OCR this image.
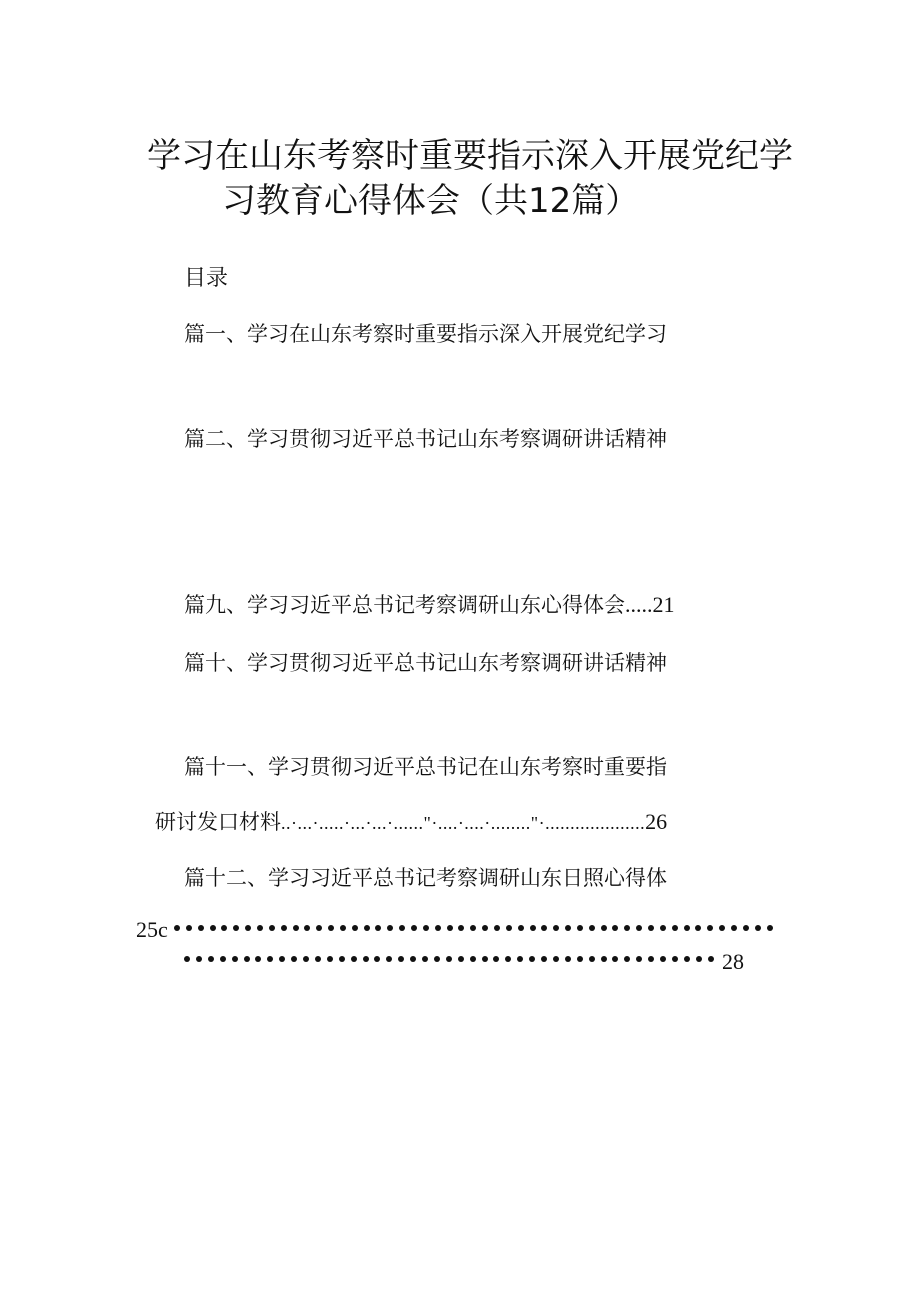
学习在山东考察时重要指示深入开展党纪学
习教育心得体会（共12篇）
目录
篇一、学习在山东考察时重要指示深入开展党纪学习
篇二、学习贯彻习近平总书记山东考察调研讲话精神
篇九、学习习近平总书记考察调研山东心得体会.....21
篇十、学习贯彻习近平总书记山东考察调研讲话精神
篇十一、学习贯彻习近平总书记在山东考察时重要指
研讨发口材料..·...·.....·...·...·......"·....·....·........"·....................26
篇十二、学习习近平总书记考察调研山东日照心得体
25c
28
